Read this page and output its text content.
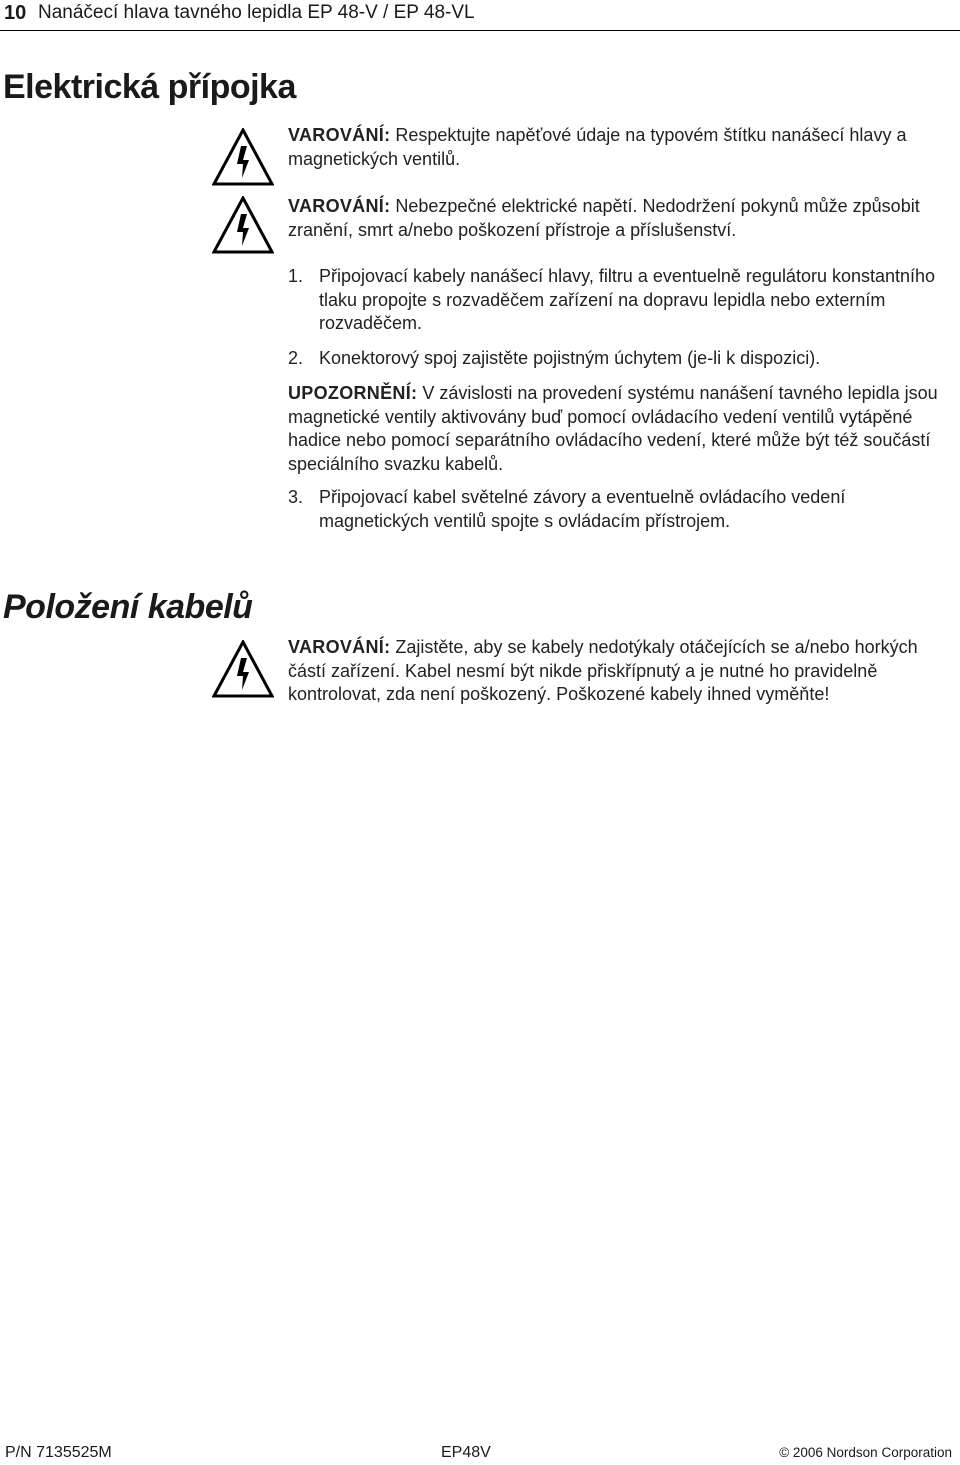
10 Nanáčecí hlava tavného lepidla EP 48-V / EP 48-VL
Elektrická přípojka
VAROVÁNÍ: Respektujte napěťové údaje na typovém štítku nanášecí hlavy a magnetických ventilů.
VAROVÁNÍ: Nebezpečné elektrické napětí. Nedodržení pokynů může způsobit zranění, smrt a/nebo poškození přístroje a příslušenství.
1. Připojovací kabely nanášecí hlavy, filtru a eventuelně regulátoru konstantního tlaku propojte s rozvaděčem zařízení na dopravu lepidla nebo externím rozvaděčem.
2. Konektorový spoj zajistěte pojistným úchytem (je-li k dispozici).
UPOZORNĚNÍ: V závislosti na provedení systému nanášení tavného lepidla jsou magnetické ventily aktivovány buď pomocí ovládacího vedení ventilů vytápěné hadice nebo pomocí separátního ovládacího vedení, které může být též součástí speciálního svazku kabelů.
3. Připojovací kabel světelné závory a eventuelně ovládacího vedení magnetických ventilů spojte s ovládacím přístrojem.
Položení kabelů
VAROVÁNÍ: Zajistěte, aby se kabely nedotýkaly otáčejících se a/nebo horkých částí zařízení. Kabel nesmí být nikde přiskřípnutý a je nutné ho pravidelně kontrolovat, zda není poškozený. Poškozené kabely ihned vyměňte!
P/N 7135525M	EP48V	© 2006 Nordson Corporation
